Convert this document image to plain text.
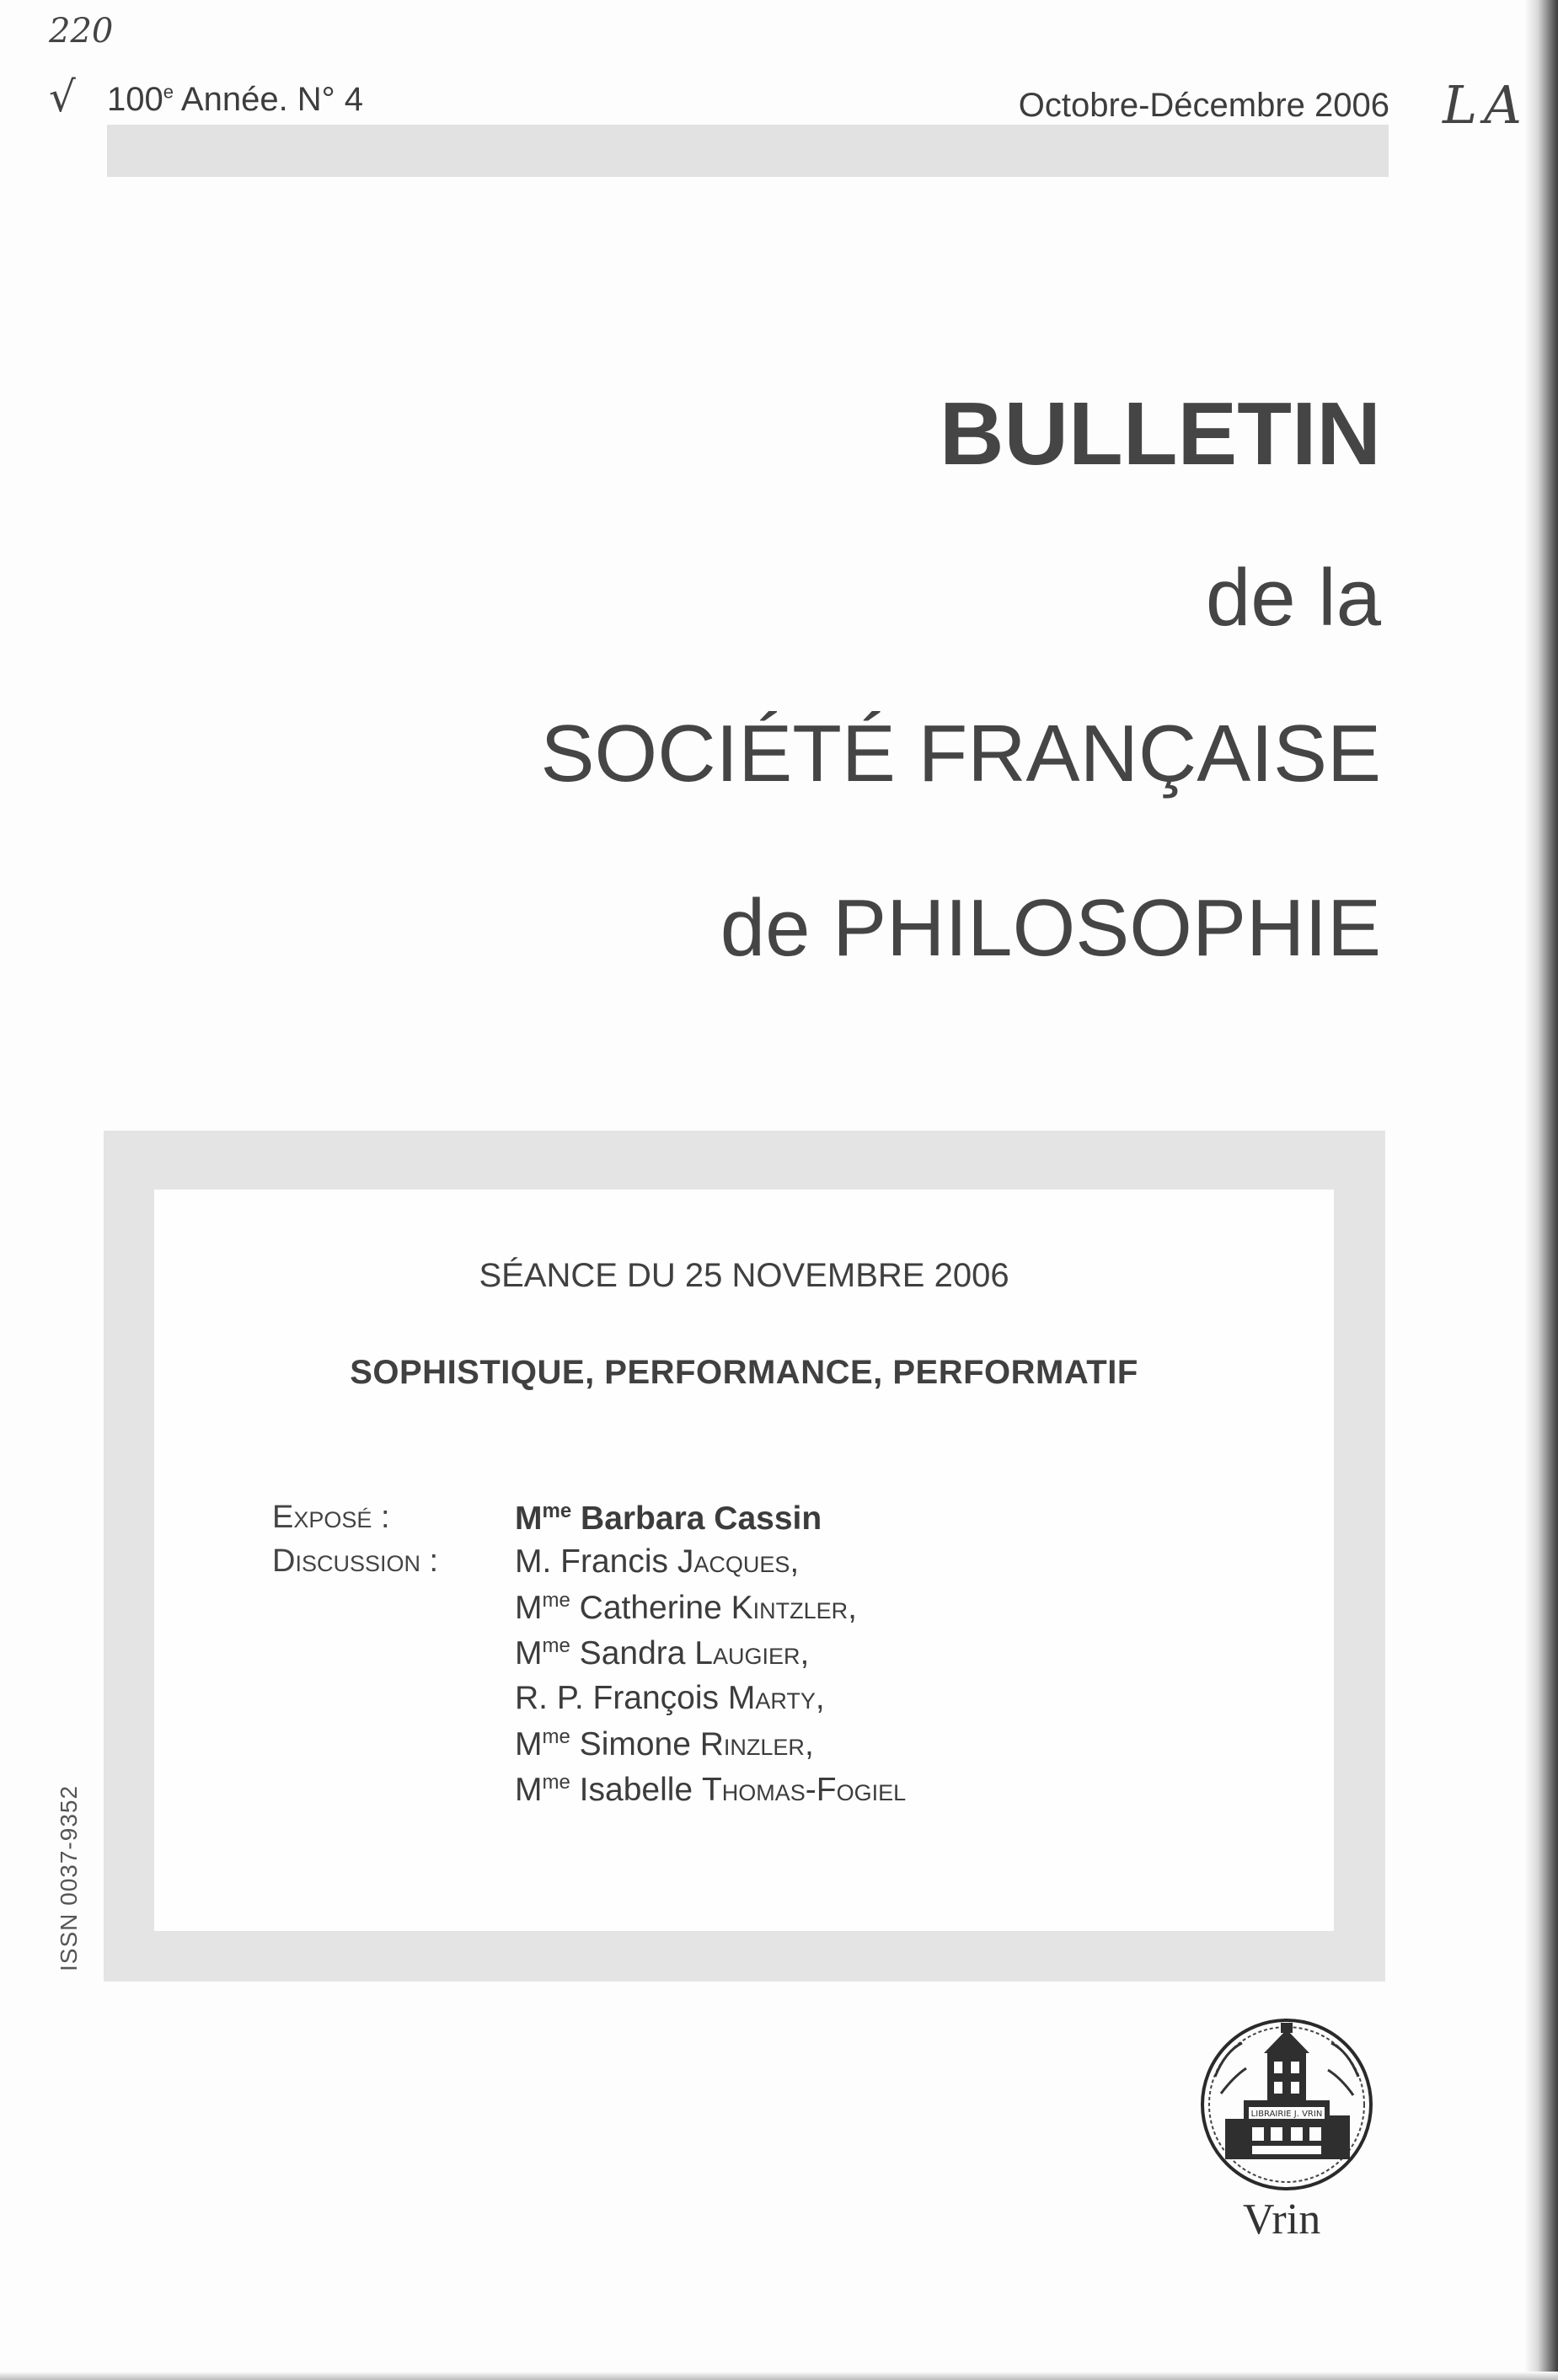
220
√	LA
100e Année. N° 4	Octobre-Décembre 2006
BULLETIN
de la
SOCIÉTÉ FRANÇAISE
de PHILOSOPHIE
SÉANCE DU 25 NOVEMBRE 2006
SOPHISTIQUE, PERFORMANCE, PERFORMATIF
Exposé :
Discussion :
$M^{me}$ Barbara Cassin
M. Francis Jacques,
$M^{me}$ Catherine Kintzler,
$M^{me}$ Sandra Laugier,
R. P. François Marty,
$M^{me}$ Simone Rinzler,
$M^{me}$ Isabelle Thomas-Fogiel
ISSN 0037-9352
LIBRAIRIE J. VRIN
Vrin
